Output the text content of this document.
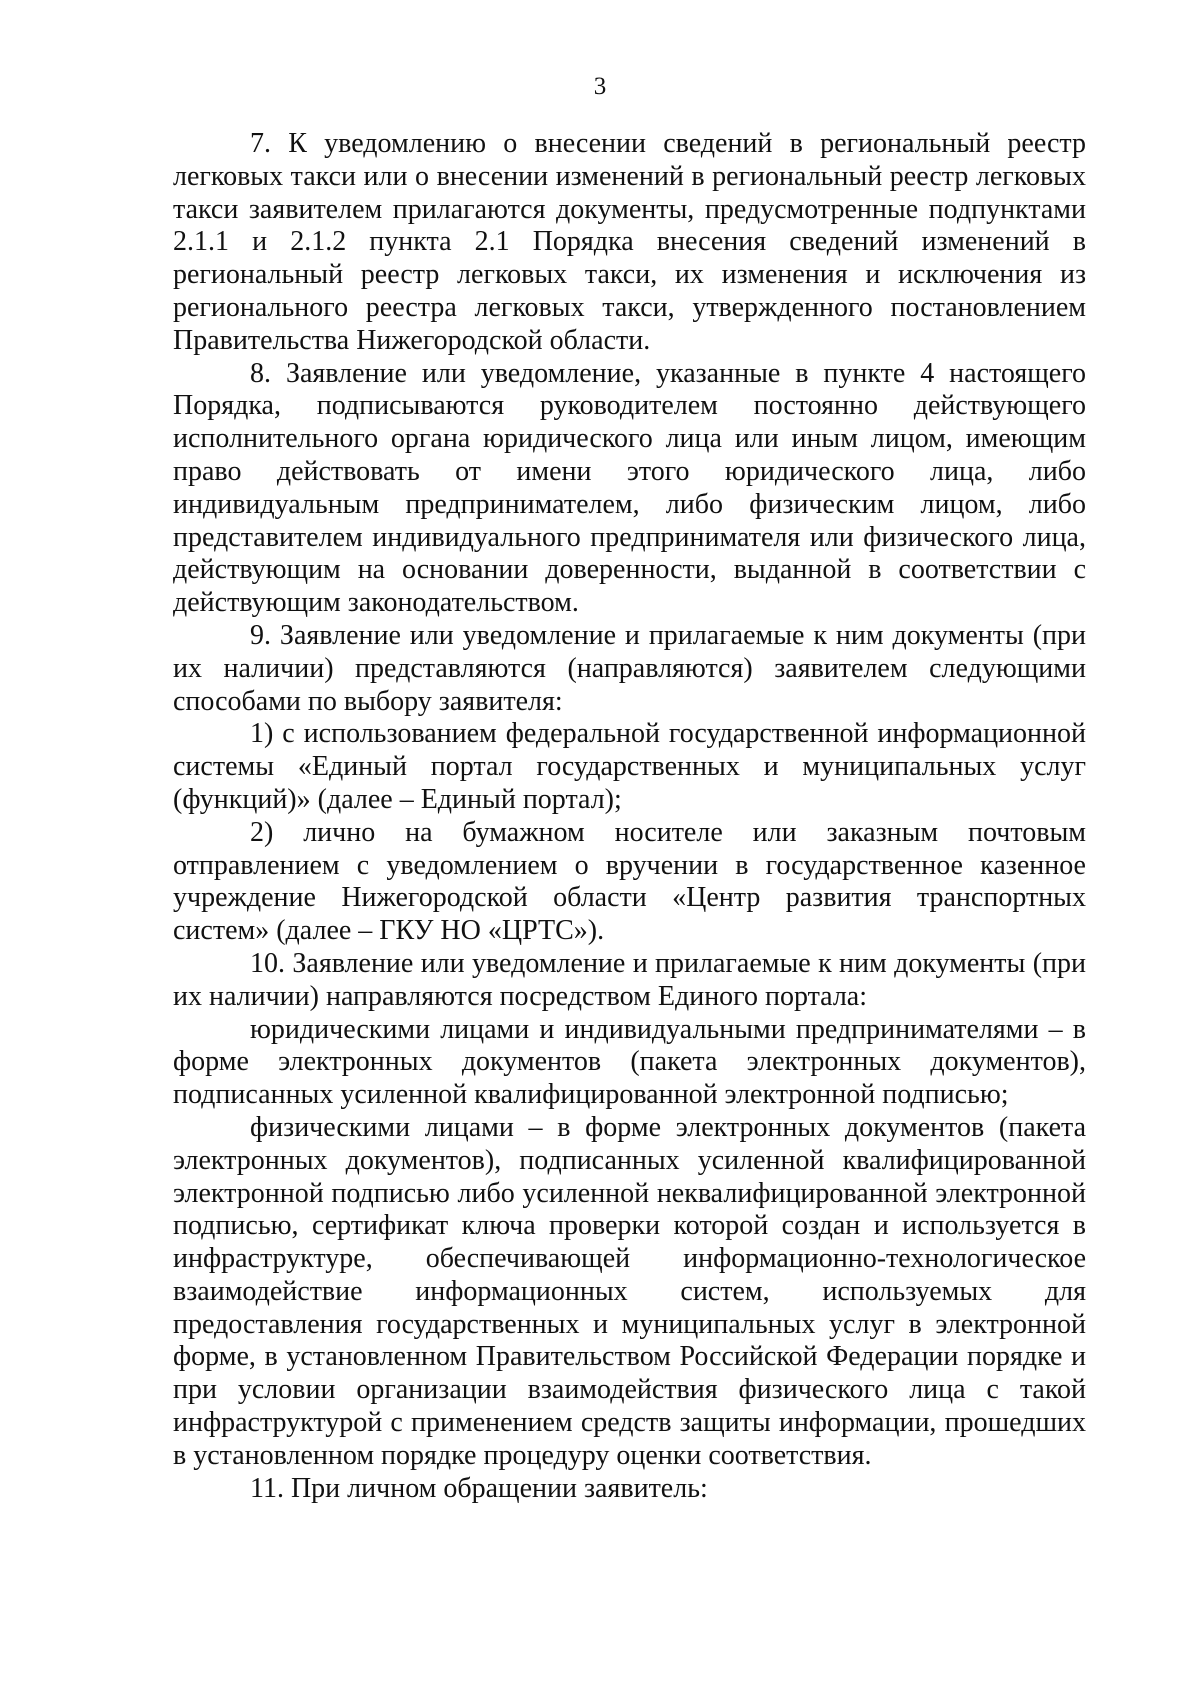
3

7. К уведомлению о внесении сведений в региональный реестр легковых такси или о внесении изменений в региональный реестр легковых такси заявителем прилагаются документы, предусмотренные подпунктами 2.1.1 и 2.1.2 пункта 2.1 Порядка внесения сведений изменений в региональный реестр легковых такси, их изменения и исключения из регионального реестра легковых такси, утвержденного постановлением Правительства Нижегородской области.

8. Заявление или уведомление, указанные в пункте 4 настоящего Порядка, подписываются руководителем постоянно действующего исполнительного органа юридического лица или иным лицом, имеющим право действовать от имени этого юридического лица, либо индивидуальным предпринимателем, либо физическим лицом, либо представителем индивидуального предпринимателя или физического лица, действующим на основании доверенности, выданной в соответствии с действующим законодательством.

9. Заявление или уведомление и прилагаемые к ним документы (при их наличии) представляются (направляются) заявителем следующими способами по выбору заявителя:

1) с использованием федеральной государственной информационной системы «Единый портал государственных и муниципальных услуг (функций)» (далее – Единый портал);

2) лично на бумажном носителе или заказным почтовым отправлением с уведомлением о вручении в государственное казенное учреждение Нижегородской области «Центр развития транспортных систем» (далее – ГКУ НО «ЦРТС»).

10. Заявление или уведомление и прилагаемые к ним документы (при их наличии) направляются посредством Единого портала:

юридическими лицами и индивидуальными предпринимателями – в форме электронных документов (пакета электронных документов), подписанных усиленной квалифицированной электронной подписью;

физическими лицами – в форме электронных документов (пакета электронных документов), подписанных усиленной квалифицированной электронной подписью либо усиленной неквалифицированной электронной подписью, сертификат ключа проверки которой создан и используется в инфраструктуре, обеспечивающей информационно-технологическое взаимодействие информационных систем, используемых для предоставления государственных и муниципальных услуг в электронной форме, в установленном Правительством Российской Федерации порядке и при условии организации взаимодействия физического лица с такой инфраструктурой с применением средств защиты информации, прошедших в установленном порядке процедуру оценки соответствия.

11. При личном обращении заявитель:
